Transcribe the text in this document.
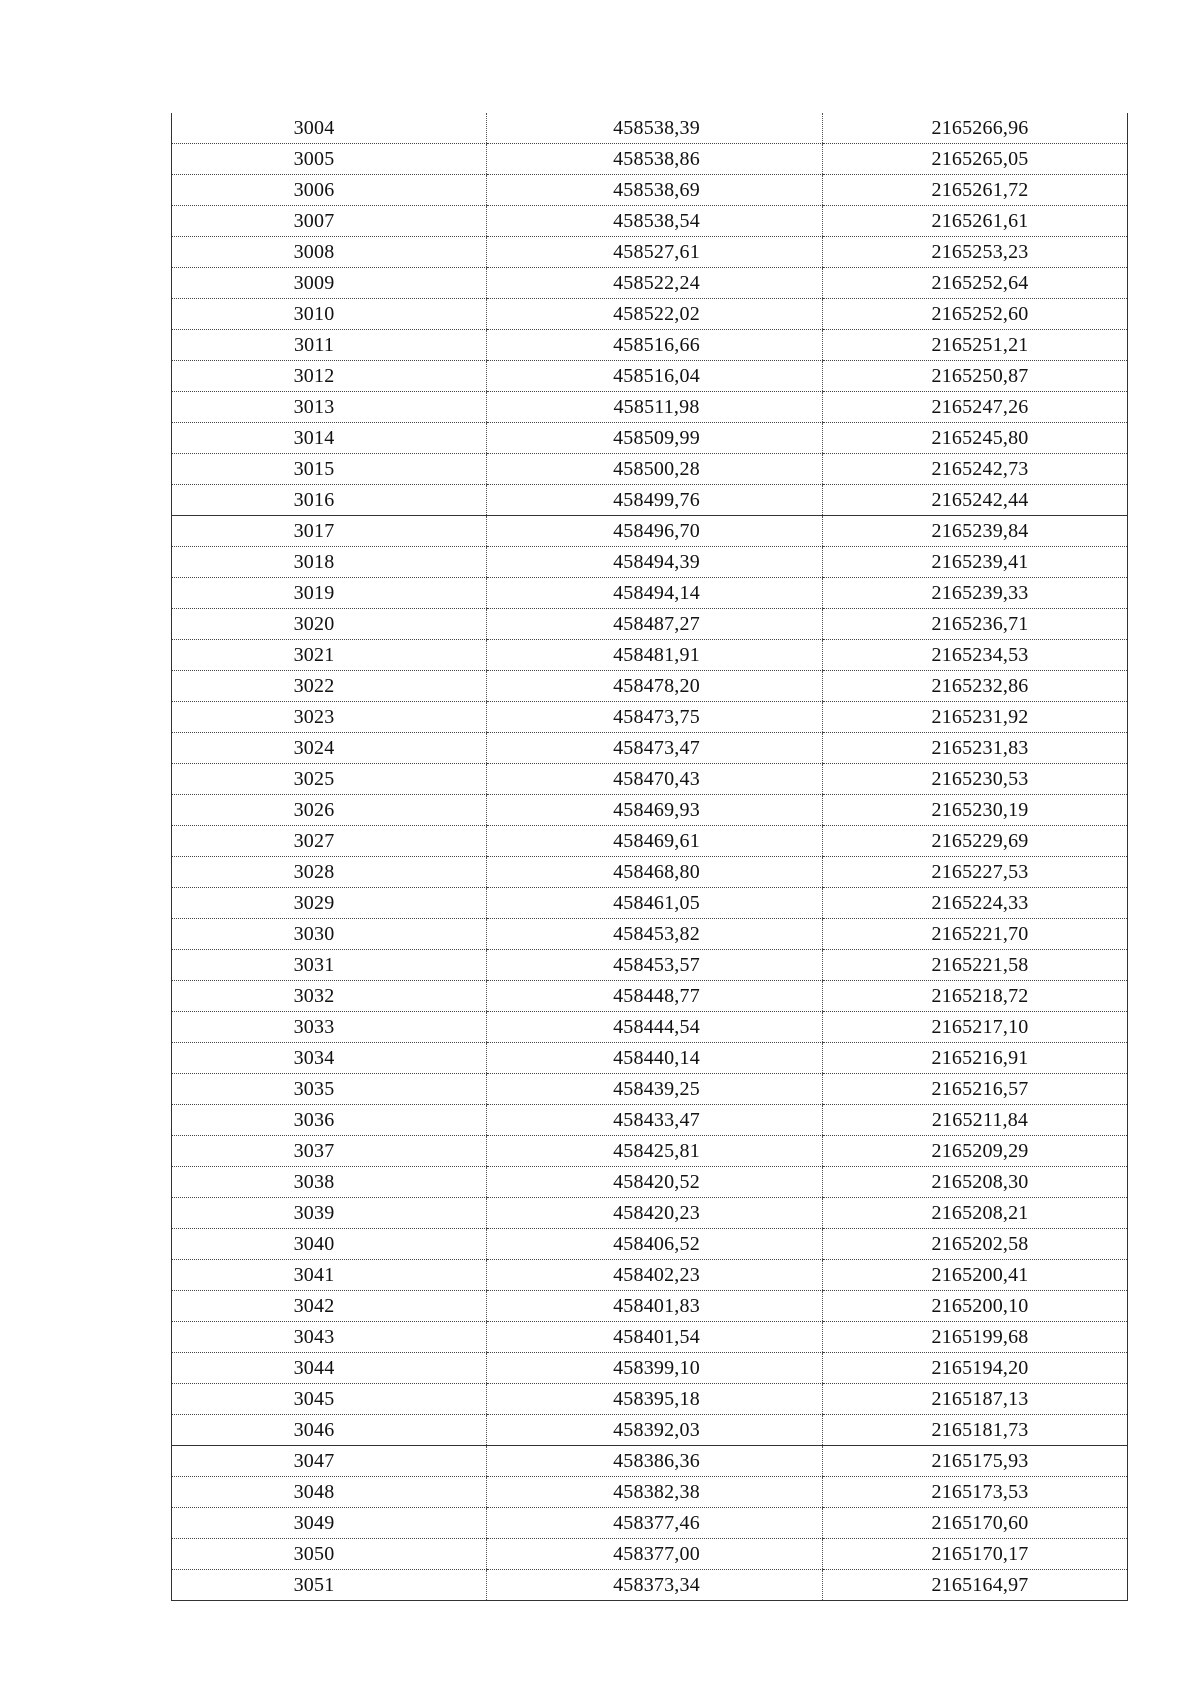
3004	458538,39	2165266,96
3005	458538,86	2165265,05
3006	458538,69	2165261,72
3007	458538,54	2165261,61
3008	458527,61	2165253,23
3009	458522,24	2165252,64
3010	458522,02	2165252,60
3011	458516,66	2165251,21
3012	458516,04	2165250,87
3013	458511,98	2165247,26
3014	458509,99	2165245,80
3015	458500,28	2165242,73
3016	458499,76	2165242,44
3017	458496,70	2165239,84
3018	458494,39	2165239,41
3019	458494,14	2165239,33
3020	458487,27	2165236,71
3021	458481,91	2165234,53
3022	458478,20	2165232,86
3023	458473,75	2165231,92
3024	458473,47	2165231,83
3025	458470,43	2165230,53
3026	458469,93	2165230,19
3027	458469,61	2165229,69
3028	458468,80	2165227,53
3029	458461,05	2165224,33
3030	458453,82	2165221,70
3031	458453,57	2165221,58
3032	458448,77	2165218,72
3033	458444,54	2165217,10
3034	458440,14	2165216,91
3035	458439,25	2165216,57
3036	458433,47	2165211,84
3037	458425,81	2165209,29
3038	458420,52	2165208,30
3039	458420,23	2165208,21
3040	458406,52	2165202,58
3041	458402,23	2165200,41
3042	458401,83	2165200,10
3043	458401,54	2165199,68
3044	458399,10	2165194,20
3045	458395,18	2165187,13
3046	458392,03	2165181,73
3047	458386,36	2165175,93
3048	458382,38	2165173,53
3049	458377,46	2165170,60
3050	458377,00	2165170,17
3051	458373,34	2165164,97
